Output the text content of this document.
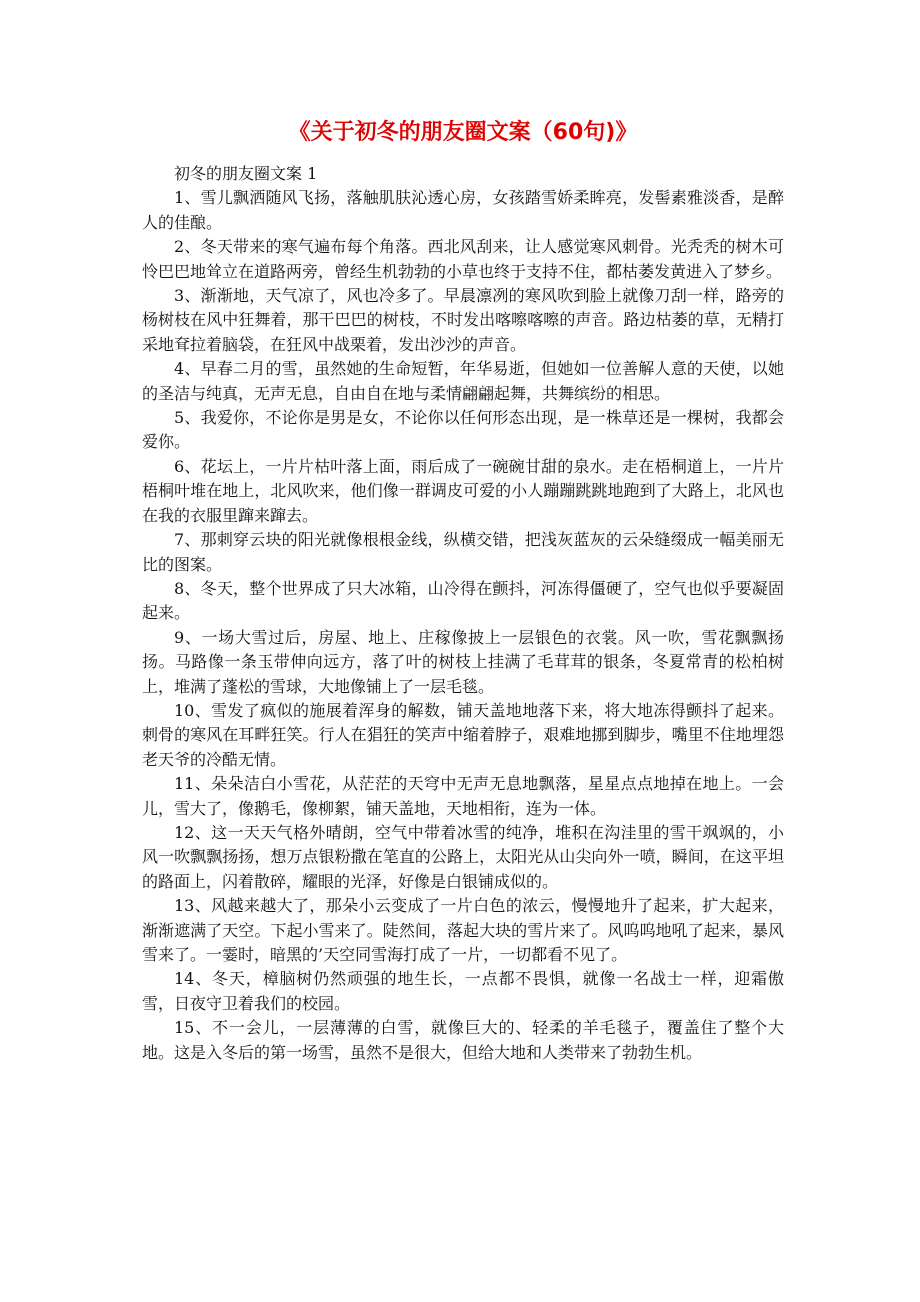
《关于初冬的朋友圈文案（60句)》

初冬的朋友圈文案 1

1、雪儿飘洒随风飞扬，落触肌肤沁透心房，女孩踏雪娇柔眸亮，发髻素雅淡香，是醉人的佳酿。

2、冬天带来的寒气遍布每个角落。西北风刮来，让人感觉寒风刺骨。光秃秃的树木可怜巴巴地耸立在道路两旁，曾经生机勃勃的小草也终于支持不住，都枯萎发黄进入了梦乡。

3、渐渐地，天气凉了，风也冷多了。早晨凛冽的寒风吹到脸上就像刀刮一样，路旁的杨树枝在风中狂舞着，那干巴巴的树枝，不时发出喀嚓喀嚓的声音。路边枯萎的草，无精打采地耷拉着脑袋，在狂风中战栗着，发出沙沙的声音。

4、早春二月的雪，虽然她的生命短暂，年华易逝，但她如一位善解人意的天使，以她的圣洁与纯真，无声无息，自由自在地与柔情翩翩起舞，共舞缤纷的相思。

5、我爱你，不论你是男是女，不论你以任何形态出现，是一株草还是一棵树，我都会爱你。

6、花坛上，一片片枯叶落上面，雨后成了一碗碗甘甜的泉水。走在梧桐道上，一片片梧桐叶堆在地上，北风吹来，他们像一群调皮可爱的小人蹦蹦跳跳地跑到了大路上，北风也在我的衣服里蹿来蹿去。

7、那刺穿云块的阳光就像根根金线，纵横交错，把浅灰蓝灰的云朵缝缀成一幅美丽无比的图案。

8、冬天，整个世界成了只大冰箱，山冷得在颤抖，河冻得僵硬了，空气也似乎要凝固起来。

9、一场大雪过后，房屋、地上、庄稼像披上一层银色的衣裳。风一吹，雪花飘飘扬扬。马路像一条玉带伸向远方，落了叶的树枝上挂满了毛茸茸的银条，冬夏常青的松柏树上，堆满了蓬松的雪球，大地像铺上了一层毛毯。

10、雪发了疯似的施展着浑身的解数，铺天盖地地落下来，将大地冻得颤抖了起来。刺骨的寒风在耳畔狂笑。行人在猖狂的笑声中缩着脖子，艰难地挪到脚步，嘴里不住地埋怨老天爷的冷酷无情。

11、朵朵洁白小雪花，从茫茫的天穹中无声无息地飘落，星星点点地掉在地上。一会儿，雪大了，像鹅毛，像柳絮，铺天盖地，天地相衔，连为一体。

12、这一天天气格外晴朗，空气中带着冰雪的纯净，堆积在沟洼里的雪干飒飒的，小风一吹飘飘扬扬，想万点银粉撒在笔直的公路上，太阳光从山尖向外一喷，瞬间，在这平坦的路面上，闪着散碎，耀眼的光泽，好像是白银铺成似的。

13、风越来越大了，那朵小云变成了一片白色的浓云，慢慢地升了起来，扩大起来，渐渐遮满了天空。下起小雪来了。陡然间，落起大块的雪片来了。风呜呜地吼了起来，暴风雪来了。一霎时，暗黑的’天空同雪海打成了一片，一切都看不见了。

14、冬天，樟脑树仍然顽强的地生长，一点都不畏惧，就像一名战士一样，迎霜傲雪，日夜守卫着我们的校园。

15、不一会儿，一层薄薄的白雪，就像巨大的、轻柔的羊毛毯子，覆盖住了整个大地。这是入冬后的第一场雪，虽然不是很大，但给大地和人类带来了勃勃生机。
